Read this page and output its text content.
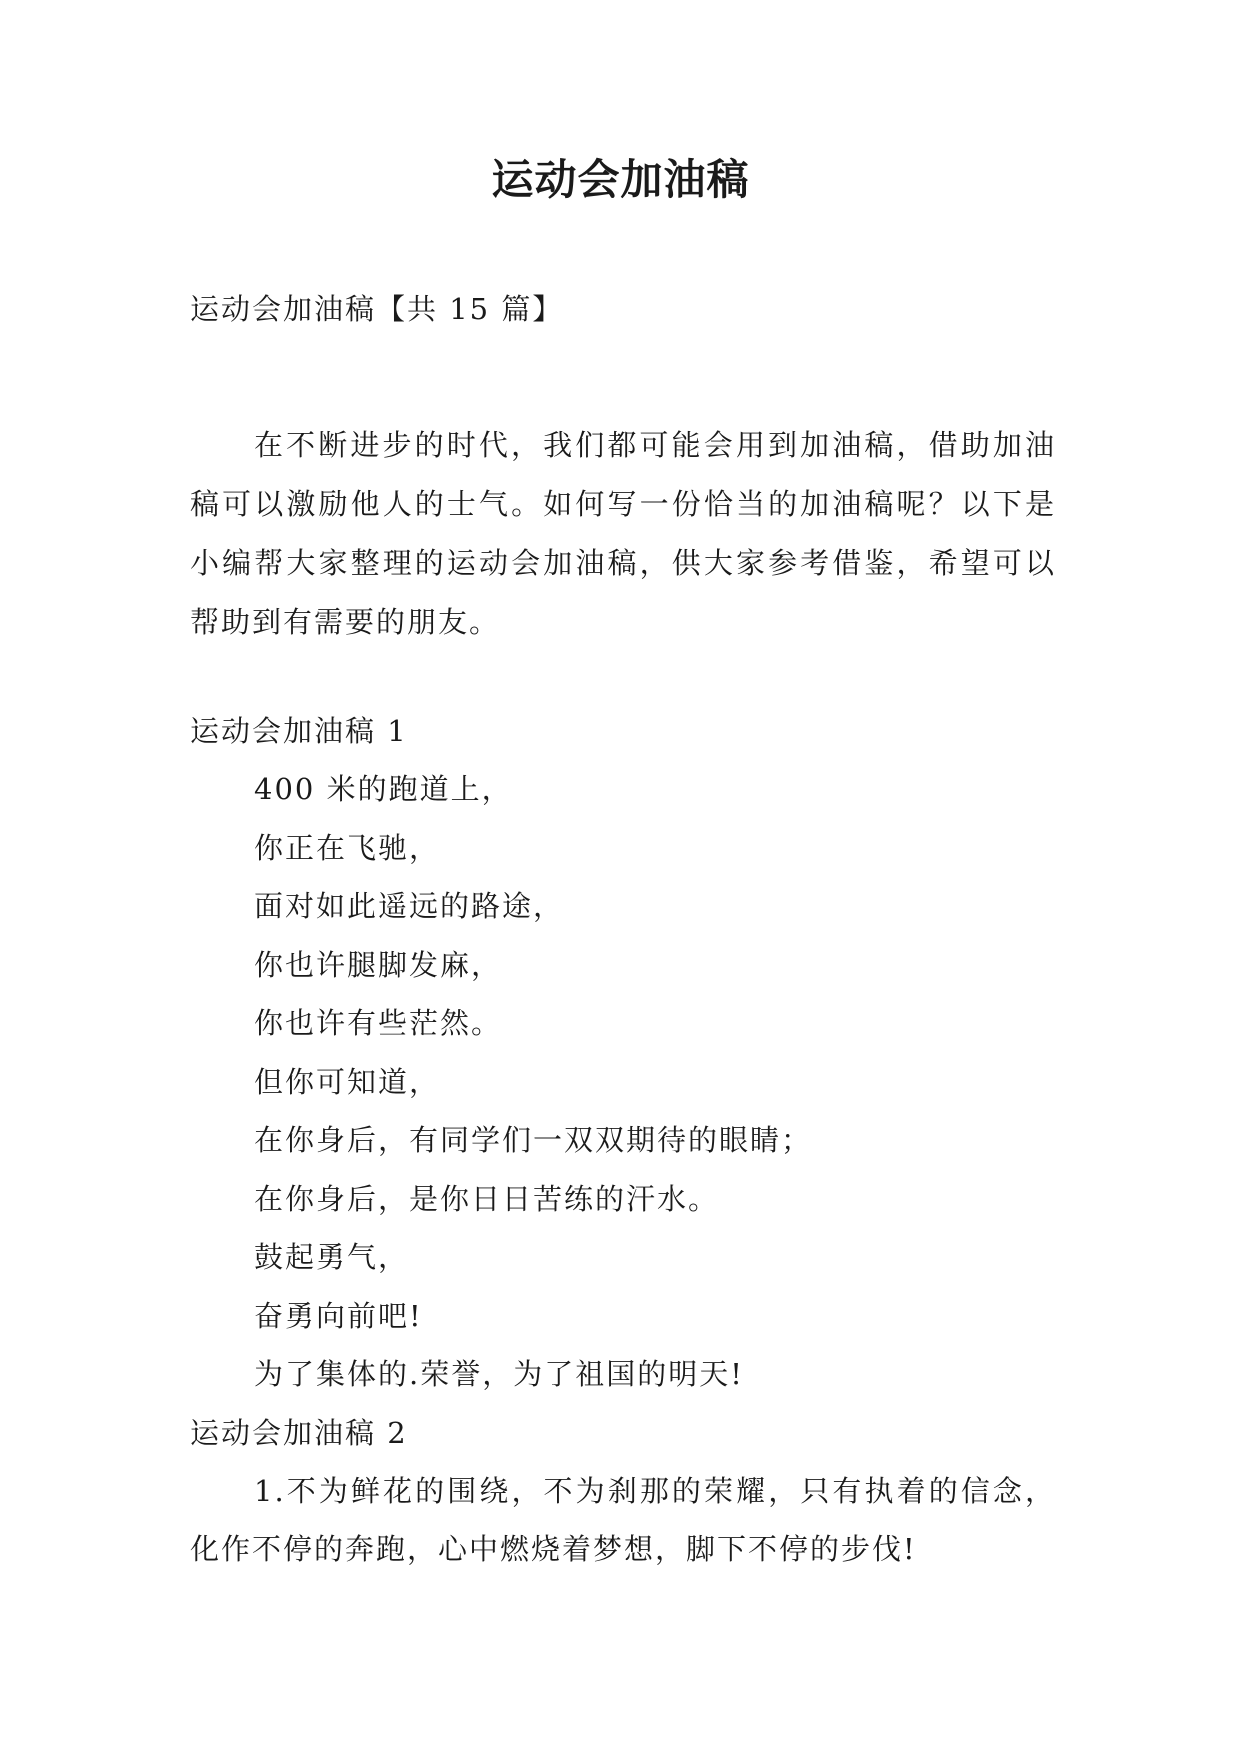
运动会加油稿
运动会加油稿【共 15 篇】
在不断进步的时代，我们都可能会用到加油稿，借助加油稿可以激励他人的士气。如何写一份恰当的加油稿呢？以下是小编帮大家整理的运动会加油稿，供大家参考借鉴，希望可以帮助到有需要的朋友。
运动会加油稿 1
400 米的跑道上，
你正在飞驰，
面对如此遥远的路途，
你也许腿脚发麻，
你也许有些茫然。
但你可知道，
在你身后，有同学们一双双期待的眼睛；
在你身后，是你日日苦练的汗水。
鼓起勇气，
奋勇向前吧!
为了集体的.荣誉，为了祖国的明天!
运动会加油稿 2
1.不为鲜花的围绕，不为刹那的荣耀，只有执着的信念，化作不停的奔跑，心中燃烧着梦想，脚下不停的步伐!
